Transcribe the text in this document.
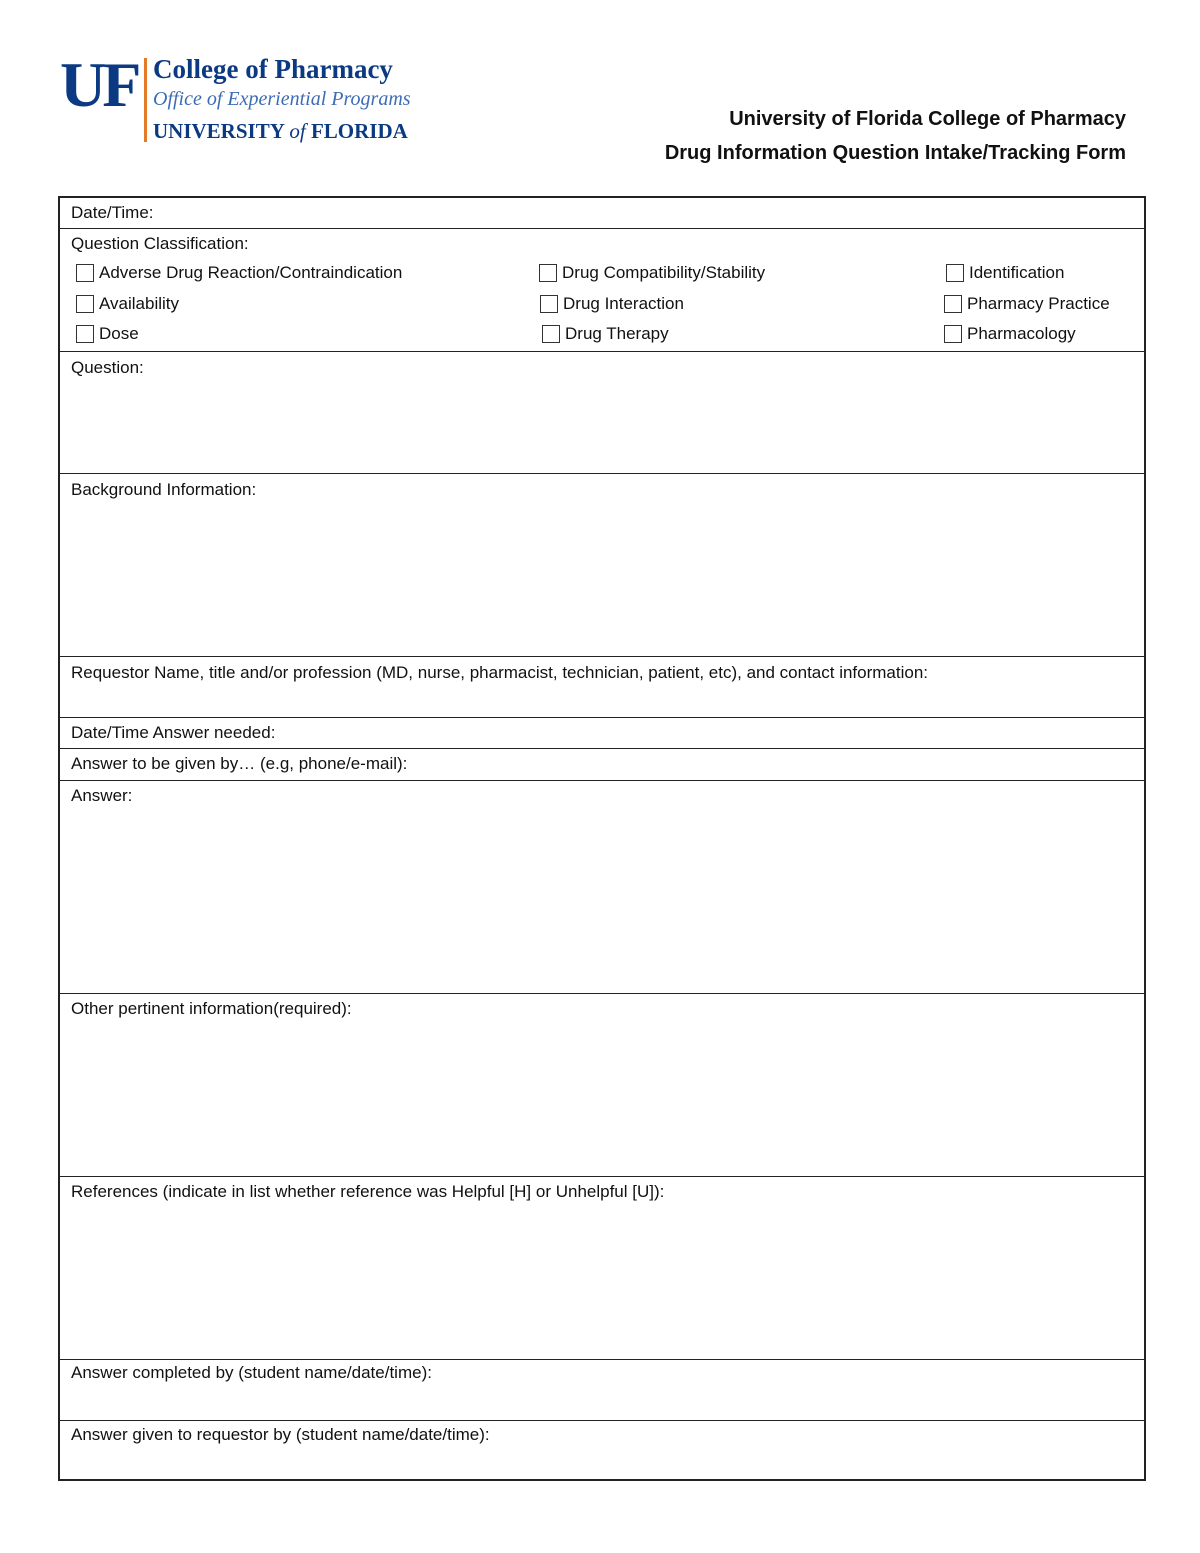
UF College of Pharmacy
Office of Experiential Programs
UNIVERSITY of FLORIDA	University of Florida College of Pharmacy
Drug Information Question Intake/Tracking Form
Date/Time:
Question Classification:
Adverse Drug Reaction/Contraindication
Availability
Dose
Drug Compatibility/Stability
Drug Interaction
Drug Therapy
Identification
Pharmacy Practice
Pharmacology
Question:
Background Information:
Requestor Name, title and/or profession (MD, nurse, pharmacist, technician, patient, etc), and contact information:
Date/Time Answer needed:
Answer to be given by… (e.g, phone/e-mail):
Answer:
Other pertinent information(required):
References (indicate in list whether reference was Helpful [H] or Unhelpful [U]):
Answer completed by (student name/date/time):
Answer given to requestor by (student name/date/time):
